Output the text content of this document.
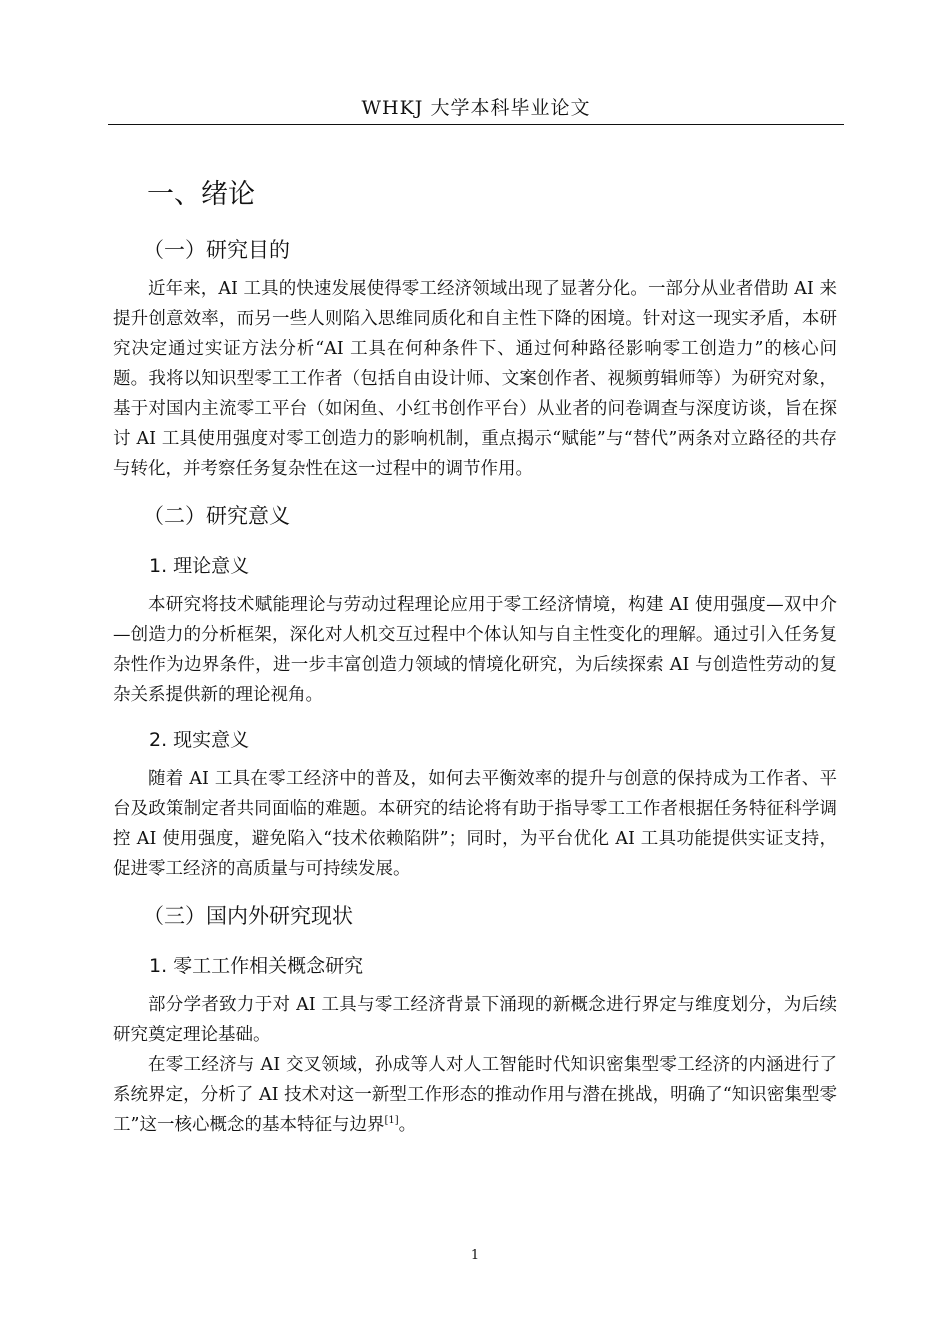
WHKJ 大学本科毕业论文
一、绪论
（一）研究目的

近年来，AI 工具的快速发展使得零工经济领域出现了显著分化。一部分从业者借助 AI 来提升创意效率，而另一些人则陷入思维同质化和自主性下降的困境。针对这一现实矛盾，本研究决定通过实证方法分析“AI 工具在何种条件下、通过何种路径影响零工创造力”的核心问题。我将以知识型零工工作者（包括自由设计师、文案创作者、视频剪辑师等）为研究对象，基于对国内主流零工平台（如闲鱼、小红书创作平台）从业者的问卷调查与深度访谈，旨在探讨 AI 工具使用强度对零工创造力的影响机制，重点揭示“赋能”与“替代”两条对立路径的共存与转化，并考察任务复杂性在这一过程中的调节作用。

（二）研究意义
1. 理论意义

本研究将技术赋能理论与劳动过程理论应用于零工经济情境，构建 AI 使用强度—双中介—创造力的分析框架，深化对人机交互过程中个体认知与自主性变化的理解。通过引入任务复杂性作为边界条件，进一步丰富创造力领域的情境化研究，为后续探索 AI 与创造性劳动的复杂关系提供新的理论视角。

2. 现实意义

随着 AI 工具在零工经济中的普及，如何去平衡效率的提升与创意的保持成为工作者、平台及政策制定者共同面临的难题。本研究的结论将有助于指导零工工作者根据任务特征科学调控 AI 使用强度，避免陷入“技术依赖陷阱”；同时，为平台优化 AI 工具功能提供实证支持，促进零工经济的高质量与可持续发展。

（三）国内外研究现状
1. 零工工作相关概念研究

部分学者致力于对 AI 工具与零工经济背景下涌现的新概念进行界定与维度划分，为后续研究奠定理论基础。

在零工经济与 AI 交叉领域，孙成等人对人工智能时代知识密集型零工经济的内涵进行了系统界定，分析了 AI 技术对这一新型工作形态的推动作用与潜在挑战，明确了“知识密集型零工”这一核心概念的基本特征与边界[1]。

1
